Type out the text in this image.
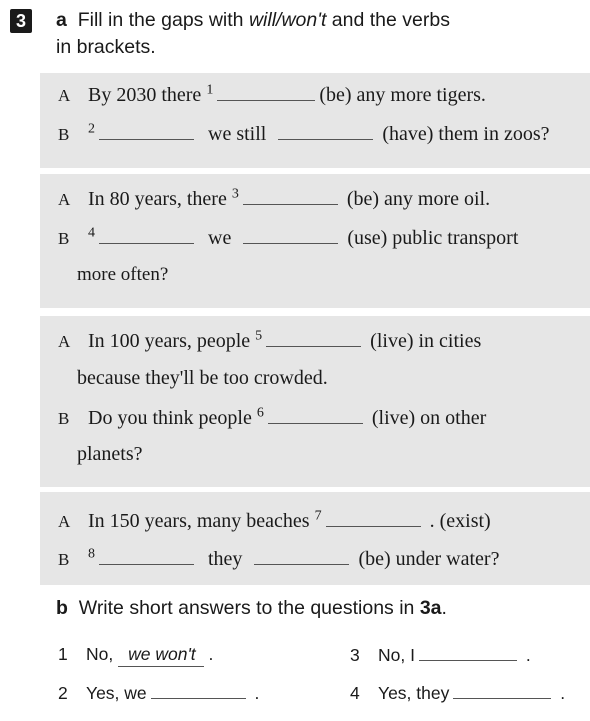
3	a Fill in the gaps with will/won't and the verbs
in brackets.
A By 2030 there $^1$	(be) any more tigers.
B $^2$	we still	(have) them in zoos?
A In 80 years, there $^3$	(be) any more oil.
B $^4$	we	(use) public transport
more often?
A In 100 years, people $^5$	(live) in cities
because they'll be too crowded.
B Do you think people $^6$	(live) on other
planets?
A In 150 years, many beaches $^7$	. (exist)
B $^8$	they	(be) under water?
b Write short answers to the questions in 3a.
1 No, we won't .	3 No, I	.
2 Yes, we	.	4 Yes, they	.
